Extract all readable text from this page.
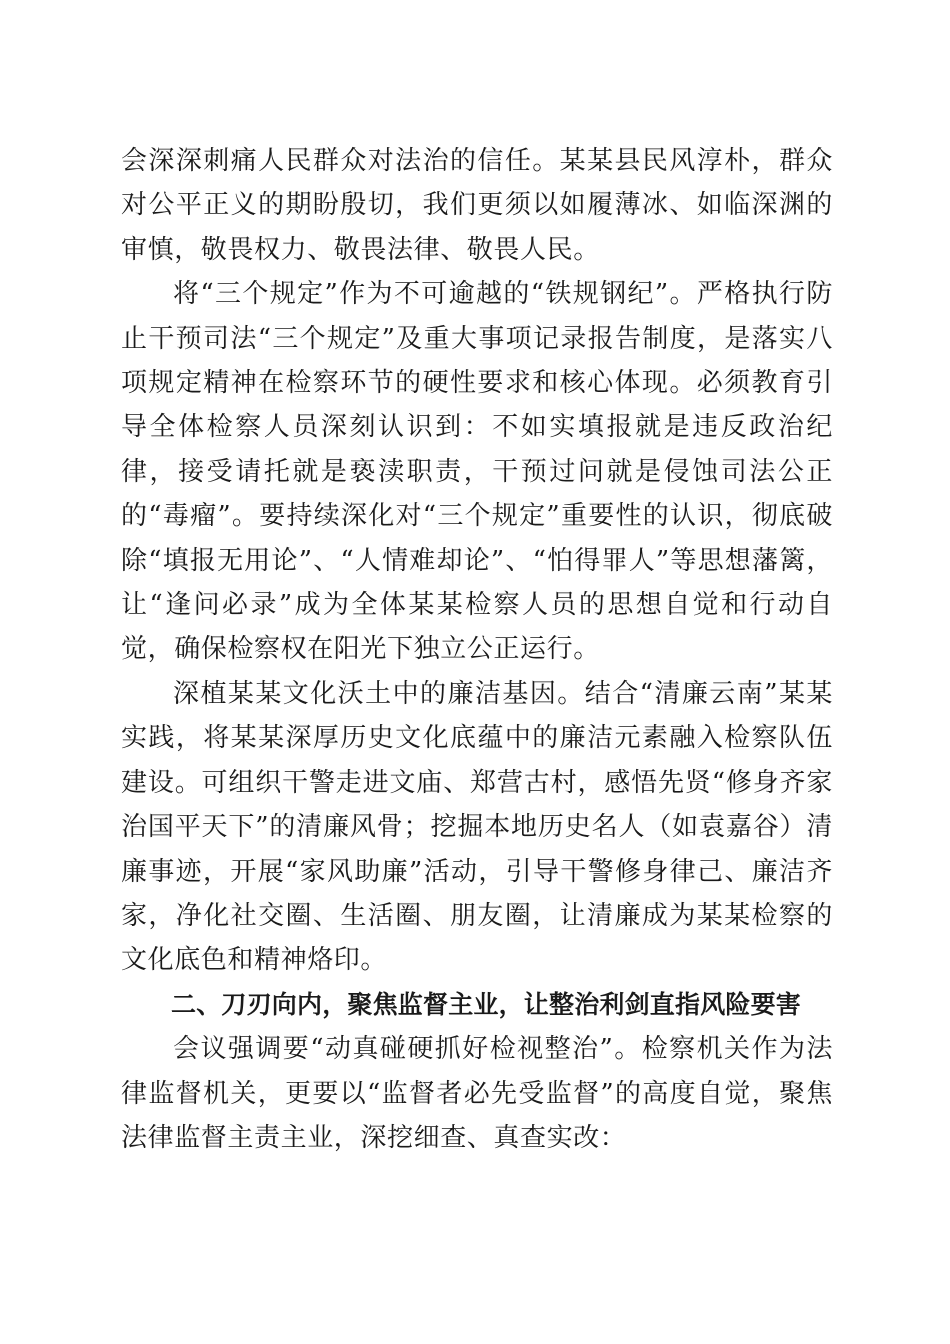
会深深刺痛人民群众对法治的信任。某某县民风淳朴，群众对公平正义的期盼殷切，我们更须以如履薄冰、如临深渊的审慎，敬畏权力、敬畏法律、敬畏人民。

将“三个规定”作为不可逾越的“铁规钢纪”。严格执行防止干预司法“三个规定”及重大事项记录报告制度，是落实八项规定精神在检察环节的硬性要求和核心体现。必须教育引导全体检察人员深刻认识到：不如实填报就是违反政治纪律，接受请托就是亵渎职责，干预过问就是侵蚀司法公正的“毒瘤”。要持续深化对“三个规定”重要性的认识，彻底破除“填报无用论”、“人情难却论”、“怕得罪人”等思想藩篱，让“逢问必录”成为全体某某检察人员的思想自觉和行动自觉，确保检察权在阳光下独立公正运行。

深植某某文化沃土中的廉洁基因。结合“清廉云南”某某实践，将某某深厚历史文化底蕴中的廉洁元素融入检察队伍建设。可组织干警走进文庙、郑营古村，感悟先贤“修身齐家治国平天下”的清廉风骨；挖掘本地历史名人（如袁嘉谷）清廉事迹，开展“家风助廉”活动，引导干警修身律己、廉洁齐家，净化社交圈、生活圈、朋友圈，让清廉成为某某检察的文化底色和精神烙印。

二、刀刃向内，聚焦监督主业，让整治利剑直指风险要害

会议强调要“动真碰硬抓好检视整治”。检察机关作为法律监督机关，更要以“监督者必先受监督”的高度自觉，聚焦法律监督主责主业，深挖细查、真查实改：
